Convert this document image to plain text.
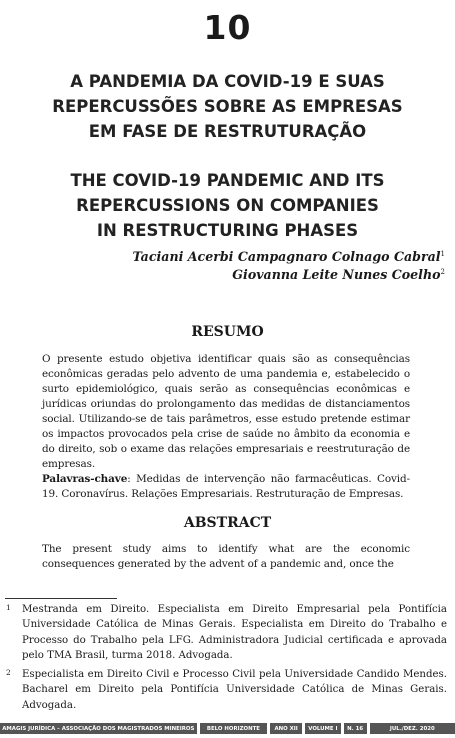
10
A PANDEMIA DA COVID-19 E SUAS
REPERCUSSÕES SOBRE AS EMPRESAS
EM FASE DE RESTRUTURAÇÃO
THE COVID-19 PANDEMIC AND ITS
REPERCUSSIONS ON COMPANIES
IN RESTRUCTURING PHASES
Taciani Acerbi Campagnaro Colnago Cabral$^1$
Giovanna Leite Nunes Coelho$^2$
RESUMO

O presente estudo objetiva identificar quais são as consequências econômicas geradas pelo advento de uma pandemia e, estabelecido o surto epidemiológico, quais serão as consequências econômicas e jurídicas oriundas do prolongamento das medidas de distanciamentos social. Utilizando-se de tais parâmetros, esse estudo pretende estimar os impactos provocados pela crise de saúde no âmbito da economia e do direito, sob o exame das relações empresariais e reestruturação de empresas.

Palavras-chave: Medidas de intervenção não farmacêuticas. Covid-19. Coronavírus. Relações Empresariais. Restruturação de Empresas.

ABSTRACT

The present study aims to identify what are the economic consequences generated by the advent of a pandemic and, once the

1 Mestranda em Direito. Especialista em Direito Empresarial pela Pontifícia Universidade Católica de Minas Gerais. Especialista em Direito do Trabalho e Processo do Trabalho pela LFG. Administradora Judicial certificada e aprovada pelo TMA Brasil, turma 2018. Advogada.
2 Especialista em Direito Civil e Processo Civil pela Universidade Candido Mendes. Bacharel em Direito pela Pontifícia Universidade Católica de Minas Gerais. Advogada.
AMAGIS JURÍDICA – ASSOCIAÇÃO DOS MAGISTRADOS MINEIROS	BELO HORIZONTE	ANO XII	VOLUME I	N. 16	JUL./DEZ. 2020
